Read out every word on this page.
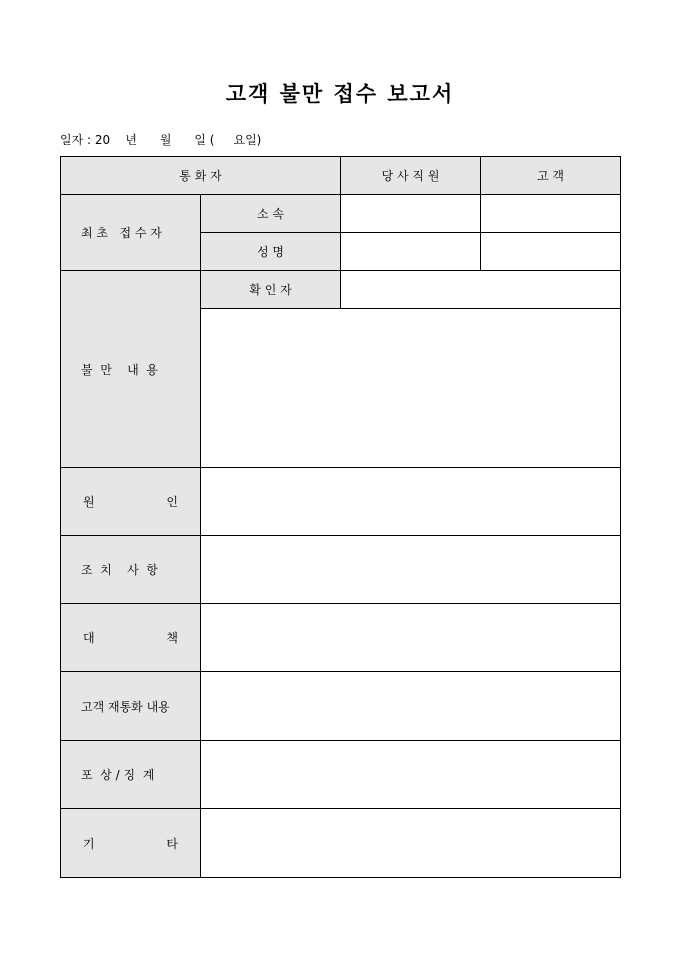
고객 불만 접수 보고서
일자 : 20    년      월      일 (     요일)
통 화 자		당 사 직 원	고 객
최 초   접 수 자	소 속		
	성 명		
불  만    내  용	확 인 자		

원 인			

조  치    사  항			

대 책			

고객 재통화 내용			
포  상 / 징  계			

기 타			
